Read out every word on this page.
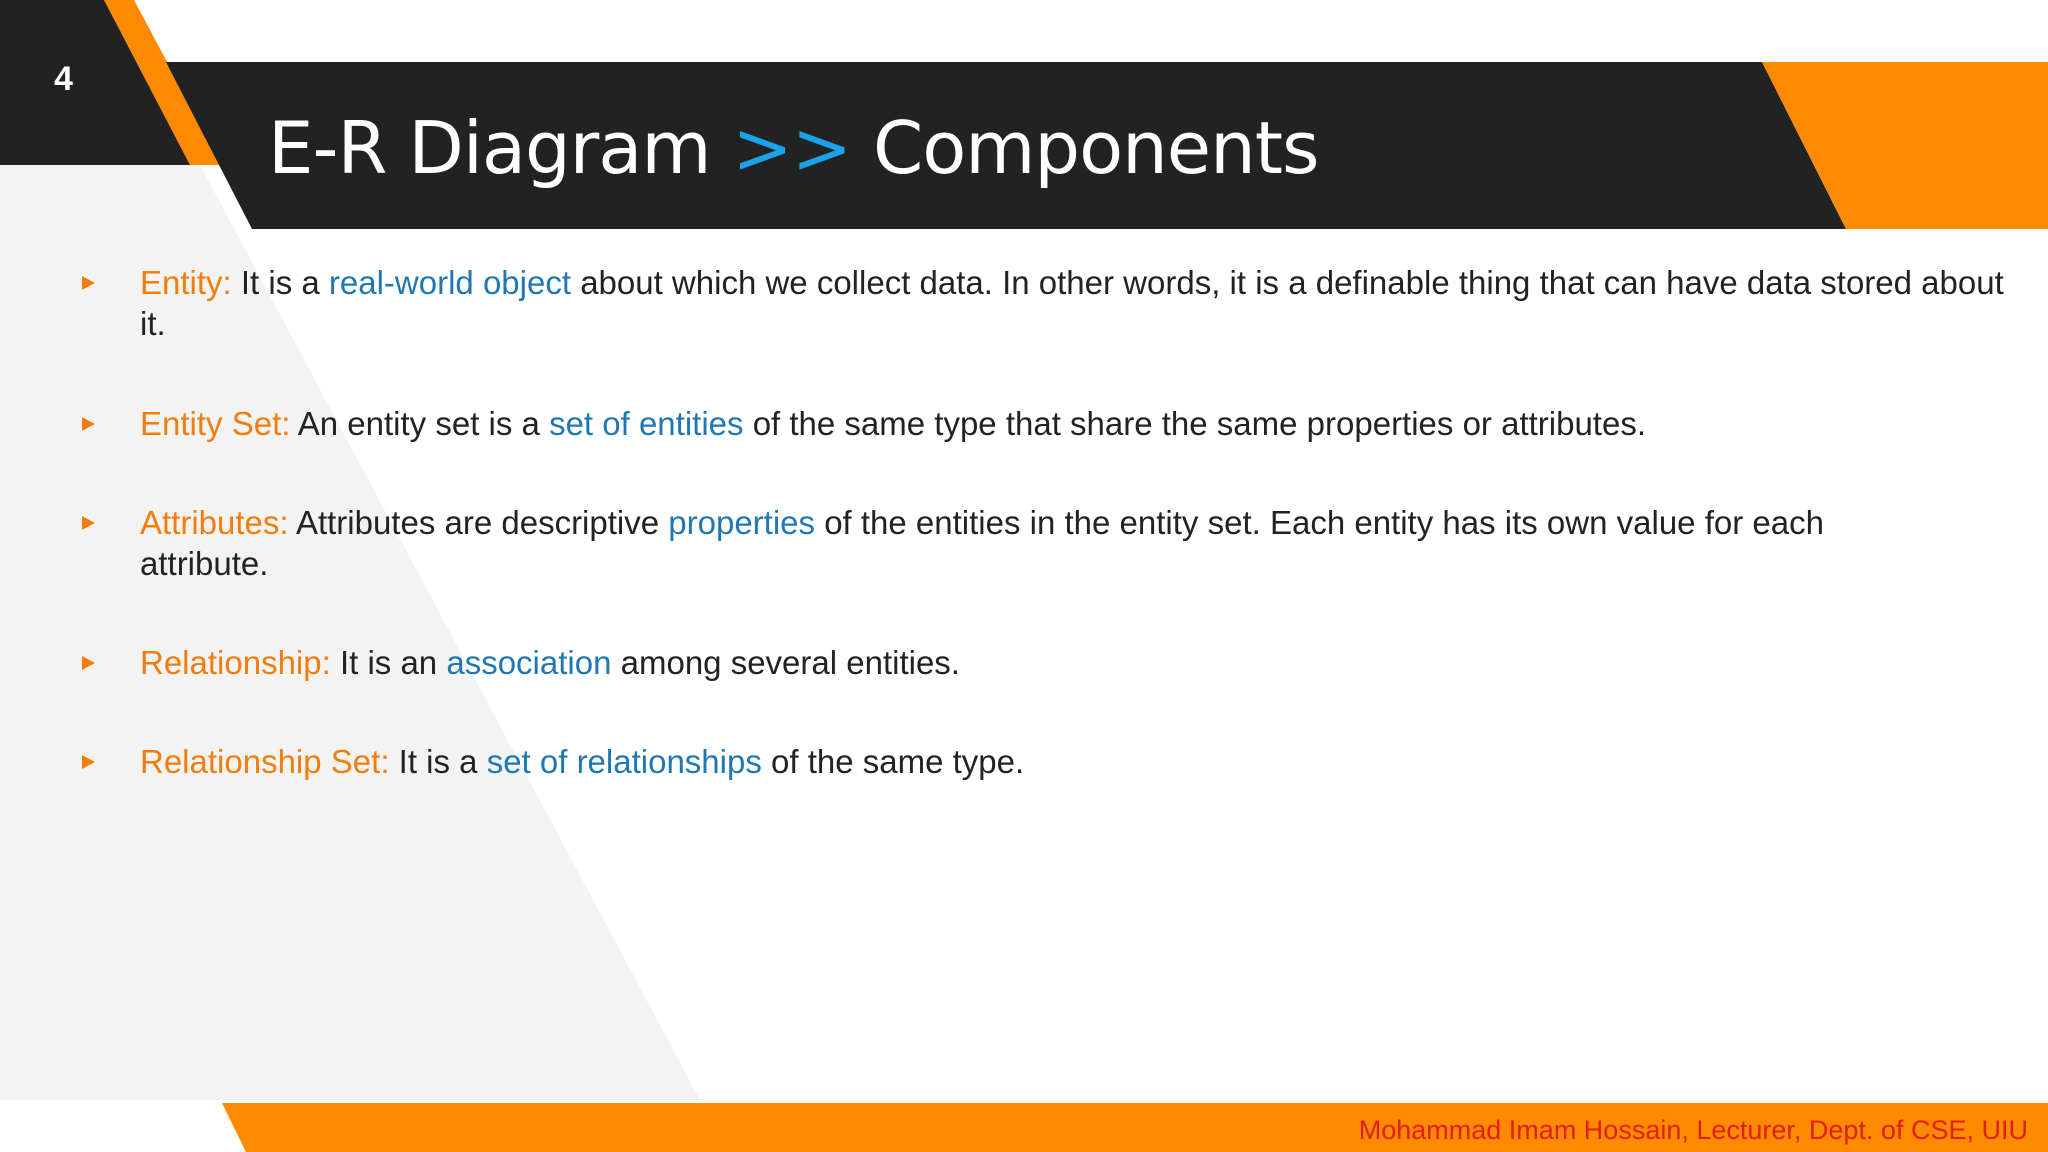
4
E-R Diagram >> Components
Entity: It is a real-world object about which we collect data. In other words, it is a definable thing that can have data stored about it.
Entity Set: An entity set is a set of entities of the same type that share the same properties or attributes.
Attributes: Attributes are descriptive properties of the entities in the entity set. Each entity has its own value for each attribute.
Relationship: It is an association among several entities.
Relationship Set: It is a set of relationships of the same type.
Mohammad Imam Hossain, Lecturer, Dept. of CSE, UIU
